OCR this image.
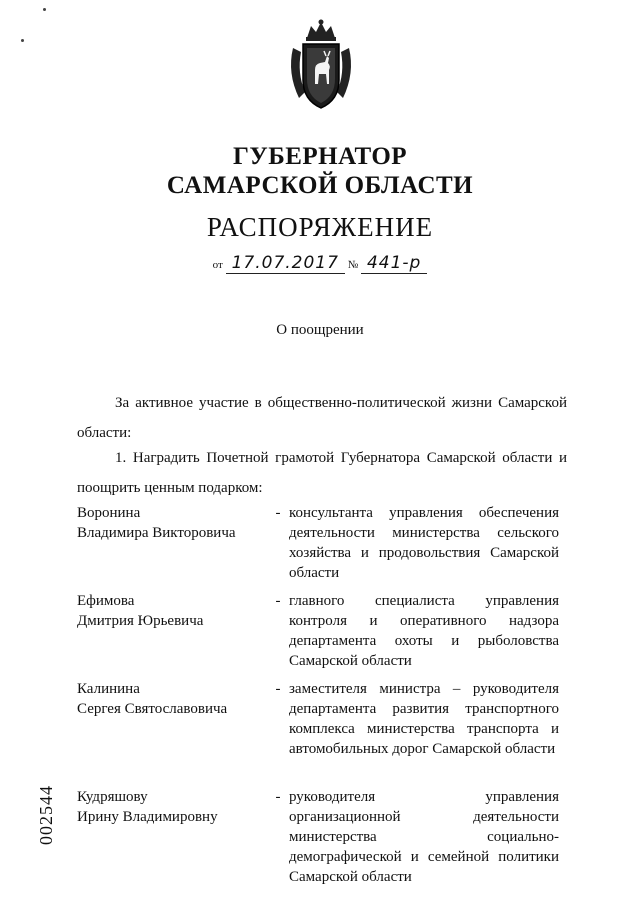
ГУБЕРНАТОР
САМАРСКОЙ ОБЛАСТИ
РАСПОРЯЖЕНИЕ
от 17.07.2017 № 441-р
О поощрении
За активное участие в общественно-политической жизни Самарской области:
1. Наградить Почетной грамотой Губернатора Самарской области и поощрить ценным подарком:
Воронина
Владимира Викторовича
- консультанта управления обеспечения деятельности министерства сельского хозяйства и продовольствия Самарской области
Ефимова
Дмитрия Юрьевича
- главного специалиста управления контроля и оперативного надзора департамента охоты и рыболовства Самарской области
Калинина
Сергея Святославовича
- заместителя министра – руководителя департамента развития транспортного комплекса министерства транспорта и автомобильных дорог Самарской области
Кудряшову
Ирину Владимировну
- руководителя управления организационной деятельности министерства социально-демографической и семейной политики Самарской области
002544
